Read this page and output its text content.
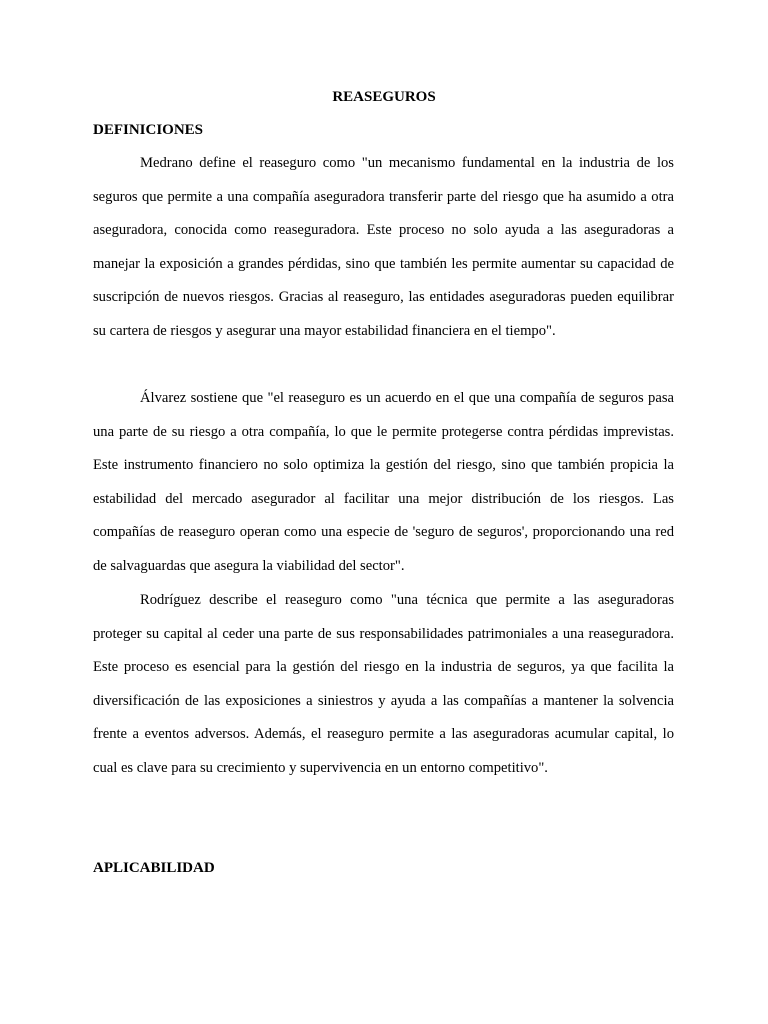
REASEGUROS
DEFINICIONES

Medrano define el reaseguro como "un mecanismo fundamental en la industria de los seguros que permite a una compañía aseguradora transferir parte del riesgo que ha asumido a otra aseguradora, conocida como reaseguradora. Este proceso no solo ayuda a las aseguradoras a manejar la exposición a grandes pérdidas, sino que también les permite aumentar su capacidad de suscripción de nuevos riesgos. Gracias al reaseguro, las entidades aseguradoras pueden equilibrar su cartera de riesgos y asegurar una mayor estabilidad financiera en el tiempo".

Álvarez sostiene que "el reaseguro es un acuerdo en el que una compañía de seguros pasa una parte de su riesgo a otra compañía, lo que le permite protegerse contra pérdidas imprevistas. Este instrumento financiero no solo optimiza la gestión del riesgo, sino que también propicia la estabilidad del mercado asegurador al facilitar una mejor distribución de los riesgos. Las compañías de reaseguro operan como una especie de 'seguro de seguros', proporcionando una red de salvaguardas que asegura la viabilidad del sector".

Rodríguez describe el reaseguro como "una técnica que permite a las aseguradoras proteger su capital al ceder una parte de sus responsabilidades patrimoniales a una reaseguradora. Este proceso es esencial para la gestión del riesgo en la industria de seguros, ya que facilita la diversificación de las exposiciones a siniestros y ayuda a las compañías a mantener la solvencia frente a eventos adversos. Además, el reaseguro permite a las aseguradoras acumular capital, lo cual es clave para su crecimiento y supervivencia en un entorno competitivo".

APLICABILIDAD
